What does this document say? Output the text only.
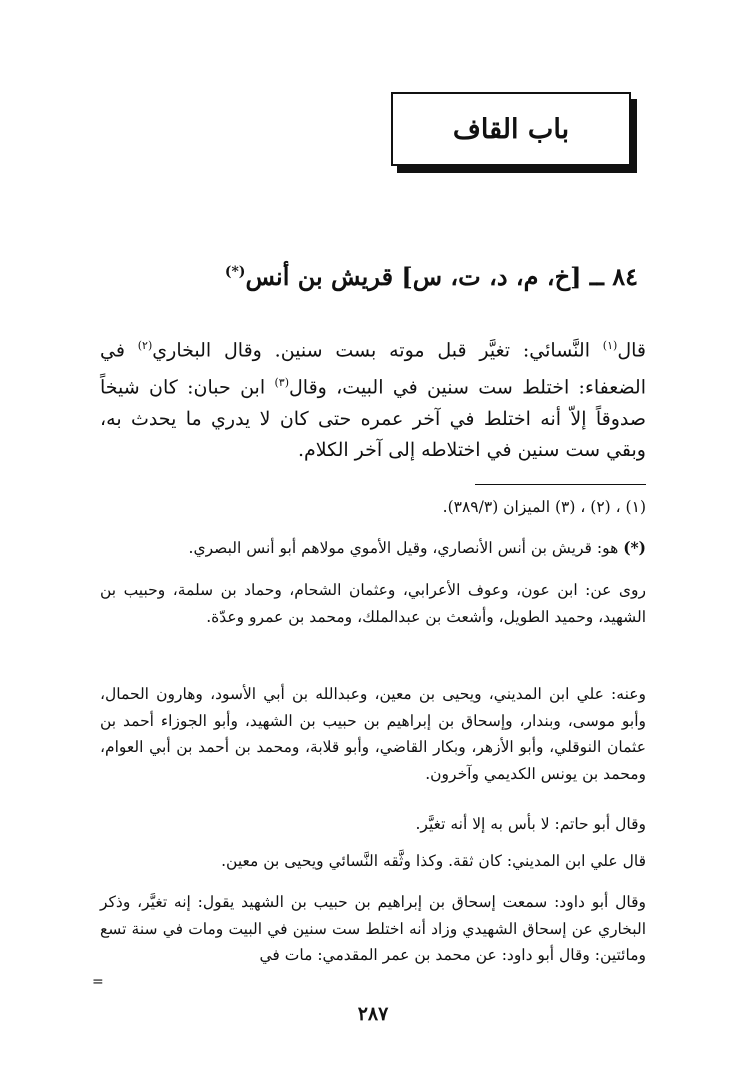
باب القاف
٨٤ ــ [خ، م، د، ت، س] قريش بن أنس(*)

قال$^{(١)}$ النَّسائي: تغيَّر قبل موته بست سنين. وقال البخاري$^{(٢)}$ في الضعفاء: اختلط ست سنين في البيت، وقال$^{(٣)}$ ابن حبان: كان شيخاً صدوقاً إلاّ أنه اختلط في آخر عمره حتى كان لا يدري ما يحدث به، وبقي ست سنين في اختلاطه إلى آخر الكلام.

(١) ، (٢) ، (٣) الميزان (٣٨٩/٣).

(*) هو: قريش بن أنس الأنصاري، وقيل الأموي مولاهم أبو أنس البصري.

روى عن: ابن عون، وعوف الأعرابي، وعثمان الشحام، وحماد بن سلمة، وحبيب بن الشهيد، وحميد الطويل، وأشعث بن عبدالملك، ومحمد بن عمرو وعدّة.

وعنه: علي ابن المديني، ويحيى بن معين، وعبدالله بن أبي الأسود، وهارون الحمال، وأبو موسى، وبندار، وإسحاق بن إبراهيم بن حبيب بن الشهيد، وأبو الجوزاء أحمد بن عثمان النوقلي، وأبو الأزهر، وبكار القاضي، وأبو قلابة، ومحمد بن أحمد بن أبي العوام، ومحمد بن يونس الكديمي وآخرون.

وقال أبو حاتم: لا بأس به إلا أنه تغيَّر.

قال علي ابن المديني: كان ثقة. وكذا وثَّقه النَّسائي ويحيى بن معين.

وقال أبو داود: سمعت إسحاق بن إبراهيم بن حبيب بن الشهيد يقول: إنه تغيَّر، وذكر البخاري عن إسحاق الشهيدي وزاد أنه اختلط ست سنين في البيت ومات في سنة تسع ومائتين: وقال أبو داود: عن محمد بن عمر المقدمي: مات في

=
٢٨٧
